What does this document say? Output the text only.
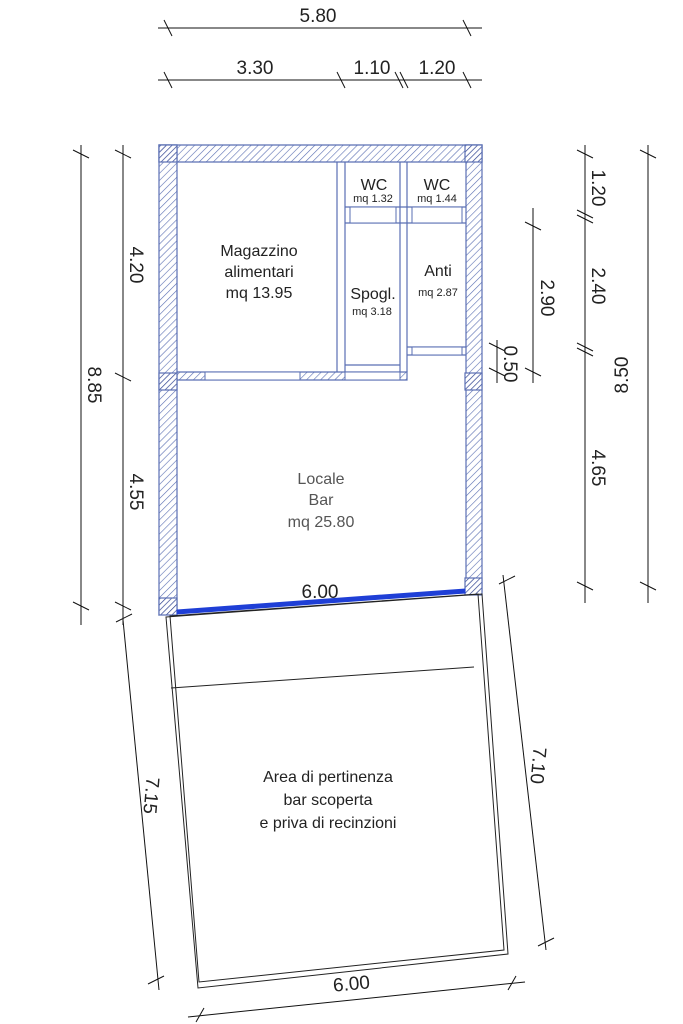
5.80
3.30	1.10 1.20
8.85
4.20
4.55
2.90
0.50
1.20
2.40
4.65
8.50
6.00
Magazzino
alimentari
mq 13.95
WC
mq 1.32
WC
mq 1.44
Spogl.
mq 3.18
Anti
mq 2.87
Locale
Bar
mq 25.80
Area di pertinenza
bar scoperta
e priva di recinzioni
7.15
7.10
6.00
